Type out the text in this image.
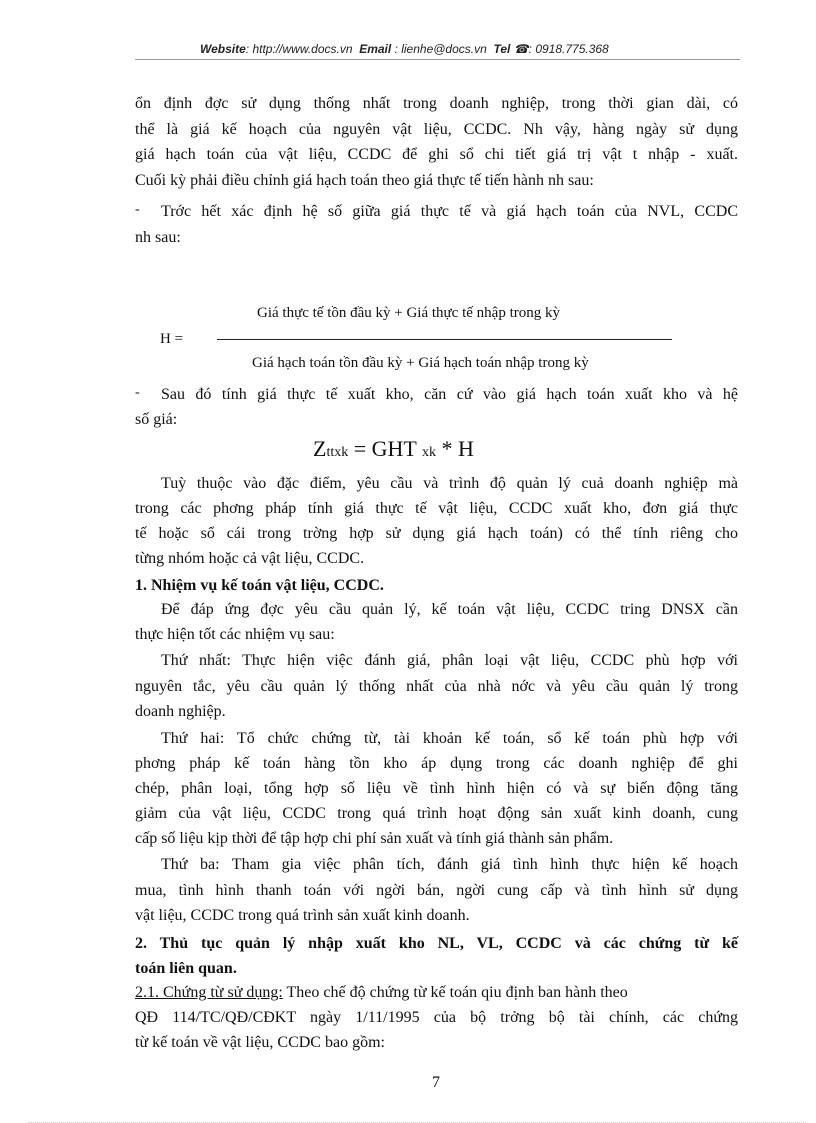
Website: http://www.docs.vn Email : lienhe@docs.vn Tel ☎: 0918.775.368
ổn định đợc sử dụng thống nhất trong doanh nghiệp, trong thời gian dài, có
thể là giá kế hoạch của nguyên vật liệu, CCDC. Nh vậy, hàng ngày sử dụng
giá hạch toán của vật liệu, CCDC để ghi sổ chi tiết giá trị vật t nhập - xuất.
Cuối kỳ phải điều chỉnh giá hạch toán theo giá thực tế tiến hành nh sau:
- Trớc hết xác định hệ số giữa giá thực tế và giá hạch toán của NVL, CCDC
nh sau:
Giá thực tế tồn đầu kỳ + Giá thực tế nhập trong kỳ
H =
Giá hạch toán tồn đầu kỳ + Giá hạch toán nhập trong kỳ
- Sau đó tính giá thực tế xuất kho, căn cứ vào giá hạch toán xuất kho và hệ
số giá:
Zttxk = GHT xk * H
Tuỳ thuộc vào đặc điểm, yêu cầu và trình độ quản lý cuả doanh nghiệp mà
trong các phơng pháp tính giá thực tế vật liệu, CCDC xuất kho, đơn giá thực
tế hoặc sổ cái trong trờng hợp sử dụng giá hạch toán) có thể tính riêng cho
từng nhóm hoặc cả vật liệu, CCDC.
1. Nhiệm vụ kế toán vật liệu, CCDC.
Để đáp ứng đợc yêu cầu quản lý, kế toán vật liệu, CCDC tring DNSX cần
thực hiện tốt các nhiệm vụ sau:
Thứ nhất: Thực hiện việc đánh giá, phân loại vật liệu, CCDC phù hợp với
nguyên tắc, yêu cầu quản lý thống nhất của nhà nớc và yêu cầu quản lý trong
doanh nghiệp.
Thứ hai: Tổ chức chứng từ, tài khoản kế toán, sổ kế toán phù hợp với
phơng pháp kế toán hàng tồn kho áp dụng trong các doanh nghiệp để ghi
chép, phân loại, tổng hợp số liệu về tình hình hiện có và sự biến động tăng
giảm của vật liệu, CCDC trong quá trình hoạt động sản xuất kinh doanh, cung
cấp số liệu kịp thời để tập hợp chi phí sản xuất và tính giá thành sản phẩm.
Thứ ba: Tham gia việc phân tích, đánh giá tình hình thực hiện kế hoạch
mua, tình hình thanh toán với ngời bán, ngời cung cấp và tình hình sử dụng
vật liệu, CCDC trong quá trình sản xuất kinh doanh.
2. Thủ tục quản lý nhập xuất kho NL, VL, CCDC và các chứng từ kế
toán liên quan.
2.1. Chứng từ sử dụng: Theo chế độ chứng từ kế toán qiu định ban hành theo
QĐ 114/TC/QĐ/CĐKT ngày 1/11/1995 của bộ trởng bộ tài chính, các chứng
từ kế toán về vật liệu, CCDC bao gồm:
7
